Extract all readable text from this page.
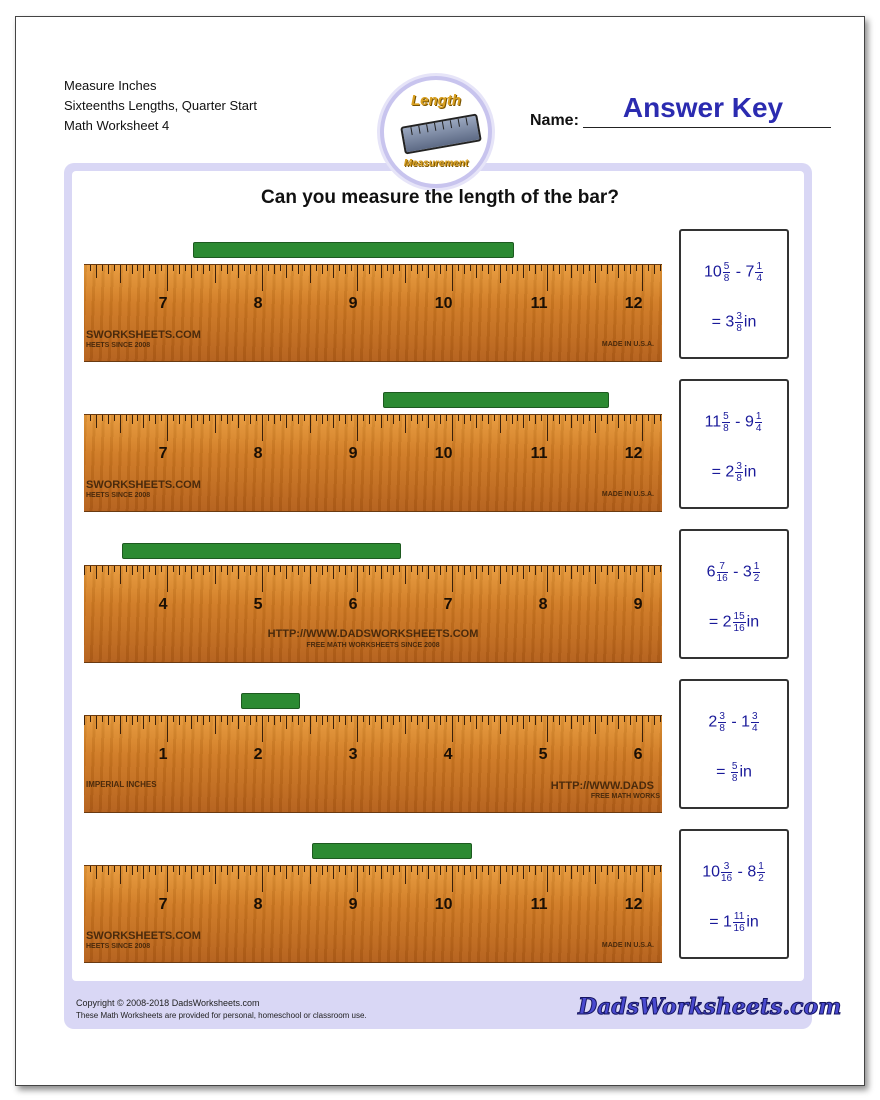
Measure Inches
Sixteenths Lengths, Quarter Start
Math Worksheet 4
Length
Measurement
Name:	Answer Key
Can you measure the length of the bar?
7	8	9	10	11	12
SWORKSHEETS.COM
HEETS SINCE 2008	MADE IN U.S.A.
$10 \frac{5}{8} - 7 \frac{1}{4}$
= $3 \frac{3}{8}$ in
7	8	9	10	11	12
SWORKSHEETS.COM
HEETS SINCE 2008	MADE IN U.S.A.
$11 \frac{5}{8} - 9 \frac{1}{4}$
= $2 \frac{3}{8}$ in
4	5	6	7	8	9
HTTP://WWW.DADSWORKSHEETS.COM
FREE MATH WORKSHEETS SINCE 2008
$6 \frac{7}{16} - 3 \frac{1}{2}$
= $2 \frac{15}{16}$ in
1	2	3	4	5	6
IMPERIAL INCHES	HTTP://WWW.DADS
FREE MATH WORKS
$2 \frac{3}{8} - 1 \frac{3}{4}$
= $\frac{5}{8}$ in
7	8	9	10	11	12
SWORKSHEETS.COM
HEETS SINCE 2008	MADE IN U.S.A.
$10 \frac{3}{16} - 8 \frac{1}{2}$
= $1 \frac{11}{16}$ in
Copyright © 2008-2018 DadsWorksheets.com
These Math Worksheets are provided for personal, homeschool or classroom use.	DadsWorksheets.com
